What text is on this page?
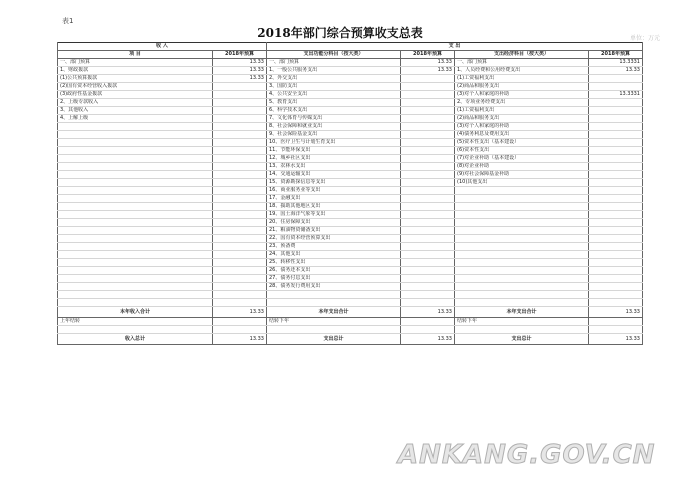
表1
2018年部门综合预算收支总表	单位：万元
收 入		支 出			
项 目	2018年预算	支出功能分科目（按大类）	2018年预算	支出经济科目（按大类）	2018年预算
一、部门预算	13.33	一、部门预算	13.33	一、部门预算	13.3331
1、财政拨款	13.33	1、一般公共服务支出	13.33	1、人员经费和公用经费支出	13.33
(1)公共预算拨款	13.33	2、外交支出		(1)工资福利支出	
(2)国有资本经营收入拨款		3、国防支出		(2)商品和服务支出	
(3)政府性基金拨款		4、公共安全支出		(3)对个人和家庭的补助	13.3331
2、上级专款收入		5、教育支出		2、专项业务经费支出	
3、其他收入		6、科学技术支出		(1)工资福利支出	
4、上解上级		7、文化体育与传媒支出		(2)商品和服务支出	
		8、社会保障和就业支出		(3)对个人和家庭的补助	
		9、社会保险基金支出		(4)债务利息及费用支出	
		10、医疗卫生与计划生育支出		(5)资本性支出（基本建设）	
		11、节能环保支出		(6)资本性支出	
		12、城乡社区支出		(7)对企业补助（基本建设）	
		13、农林水支出		(8)对企业补助	
		14、交通运输支出		(9)对社会保障基金补助	
		15、资源勘探信息等支出		(10)其他支出	
		16、商业服务业等支出			
		17、金融支出			
		18、援助其他地区支出			
		19、国土海洋气象等支出			
		20、住房保障支出			
		21、粮油物资储备支出			
		22、国有资本经营预算支出			
		23、预备费			
		24、其他支出			
		25、转移性支出			
		26、债务还本支出			
		27、债务付息支出			
		28、债务发行费用支出			

本年收入合计	13.33	本年支出合计	13.33	本年支出合计	13.33
上年结转		结转下年		结转下年	

收入总计	13.33	支出总计	13.33	支出总计	13.33
ANKANG.GOV.CN
